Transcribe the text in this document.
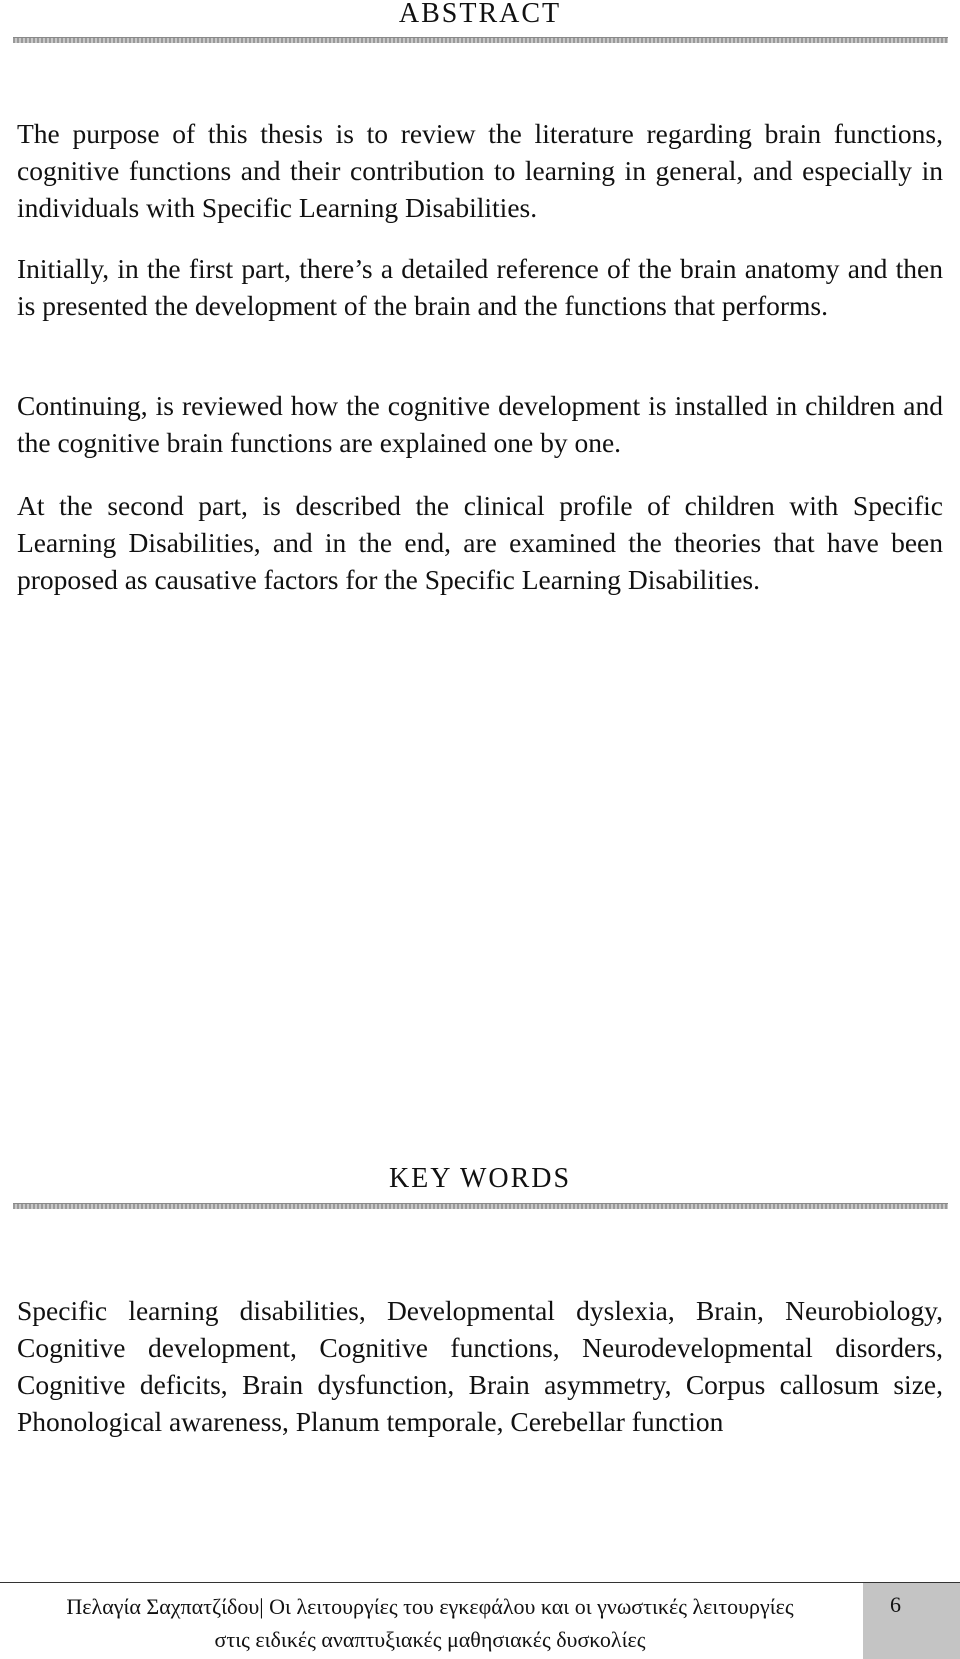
ABSTRACT

The purpose of this thesis is to review the literature regarding brain functions, cognitive functions and their contribution to learning in general, and especially in individuals with Specific Learning Disabilities.

Initially, in the first part, there’s a detailed reference of the brain anatomy and then is presented the development of the brain and the functions that performs.

Continuing, is reviewed how the cognitive development is installed in children and the cognitive brain functions are explained one by one.

At the second part, is described the clinical profile of children with Specific Learning Disabilities, and in the end, are examined the theories that have been proposed as causative factors for the Specific Learning Disabilities.

KEY WORDS

Specific learning disabilities, Developmental dyslexia, Brain, Neurobiology, Cognitive development, Cognitive functions, Neurodevelopmental disorders, Cognitive deficits, Brain dysfunction, Brain asymmetry, Corpus callosum size, Phonological awareness, Planum temporale, Cerebellar function

Πελαγία Σαχπατζίδου| Οι λειτουργίες του εγκεφάλου και οι γνωστικές λειτουργίες
στις ειδικές αναπτυξιακές μαθησιακές δυσκολίες
6
